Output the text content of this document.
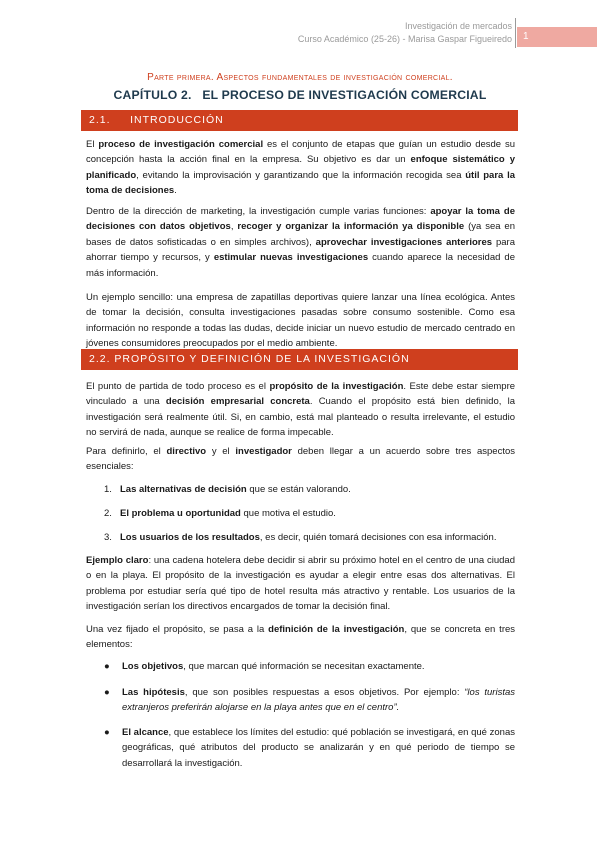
Investigación de mercados
Curso Académico (25-26) - Marisa Gaspar Figueiredo	1
Parte primera. Aspectos fundamentales de investigación comercial.
CAPÍTULO 2.   EL PROCESO DE INVESTIGACIÓN COMERCIAL
2.1.     INTRODUCCIÓN

El proceso de investigación comercial es el conjunto de etapas que guían un estudio desde su concepción hasta la acción final en la empresa. Su objetivo es dar un enfoque sistemático y planificado, evitando la improvisación y garantizando que la información recogida sea útil para la toma de decisiones.

Dentro de la dirección de marketing, la investigación cumple varias funciones: apoyar la toma de decisiones con datos objetivos, recoger y organizar la información ya disponible (ya sea en bases de datos sofisticadas o en simples archivos), aprovechar investigaciones anteriores para ahorrar tiempo y recursos, y estimular nuevas investigaciones cuando aparece la necesidad de más información.

Un ejemplo sencillo: una empresa de zapatillas deportivas quiere lanzar una línea ecológica. Antes de tomar la decisión, consulta investigaciones pasadas sobre consumo sostenible. Como esa información no responde a todas las dudas, decide iniciar un nuevo estudio de mercado centrado en jóvenes consumidores preocupados por el medio ambiente.

2.2. PROPÓSITO Y DEFINICIÓN DE LA INVESTIGACIÓN

El punto de partida de todo proceso es el propósito de la investigación. Este debe estar siempre vinculado a una decisión empresarial concreta. Cuando el propósito está bien definido, la investigación será realmente útil. Si, en cambio, está mal planteado o resulta irrelevante, el estudio no servirá de nada, aunque se realice de forma impecable.

Para definirlo, el directivo y el investigador deben llegar a un acuerdo sobre tres aspectos esenciales:

1. Las alternativas de decisión que se están valorando.
2. El problema u oportunidad que motiva el estudio.
3. Los usuarios de los resultados, es decir, quién tomará decisiones con esa información.

Ejemplo claro: una cadena hotelera debe decidir si abrir su próximo hotel en el centro de una ciudad o en la playa. El propósito de la investigación es ayudar a elegir entre esas dos alternativas. El problema por estudiar sería qué tipo de hotel resulta más atractivo y rentable. Los usuarios de la investigación serían los directivos encargados de tomar la decisión final.

Una vez fijado el propósito, se pasa a la definición de la investigación, que se concreta en tres elementos:

● Los objetivos, que marcan qué información se necesitan exactamente.
● Las hipótesis, que son posibles respuestas a esos objetivos. Por ejemplo: “los turistas extranjeros preferirán alojarse en la playa antes que en el centro”.
● El alcance, que establece los límites del estudio: qué población se investigará, en qué zonas geográficas, qué atributos del producto se analizarán y en qué periodo de tiempo se desarrollará la investigación.
